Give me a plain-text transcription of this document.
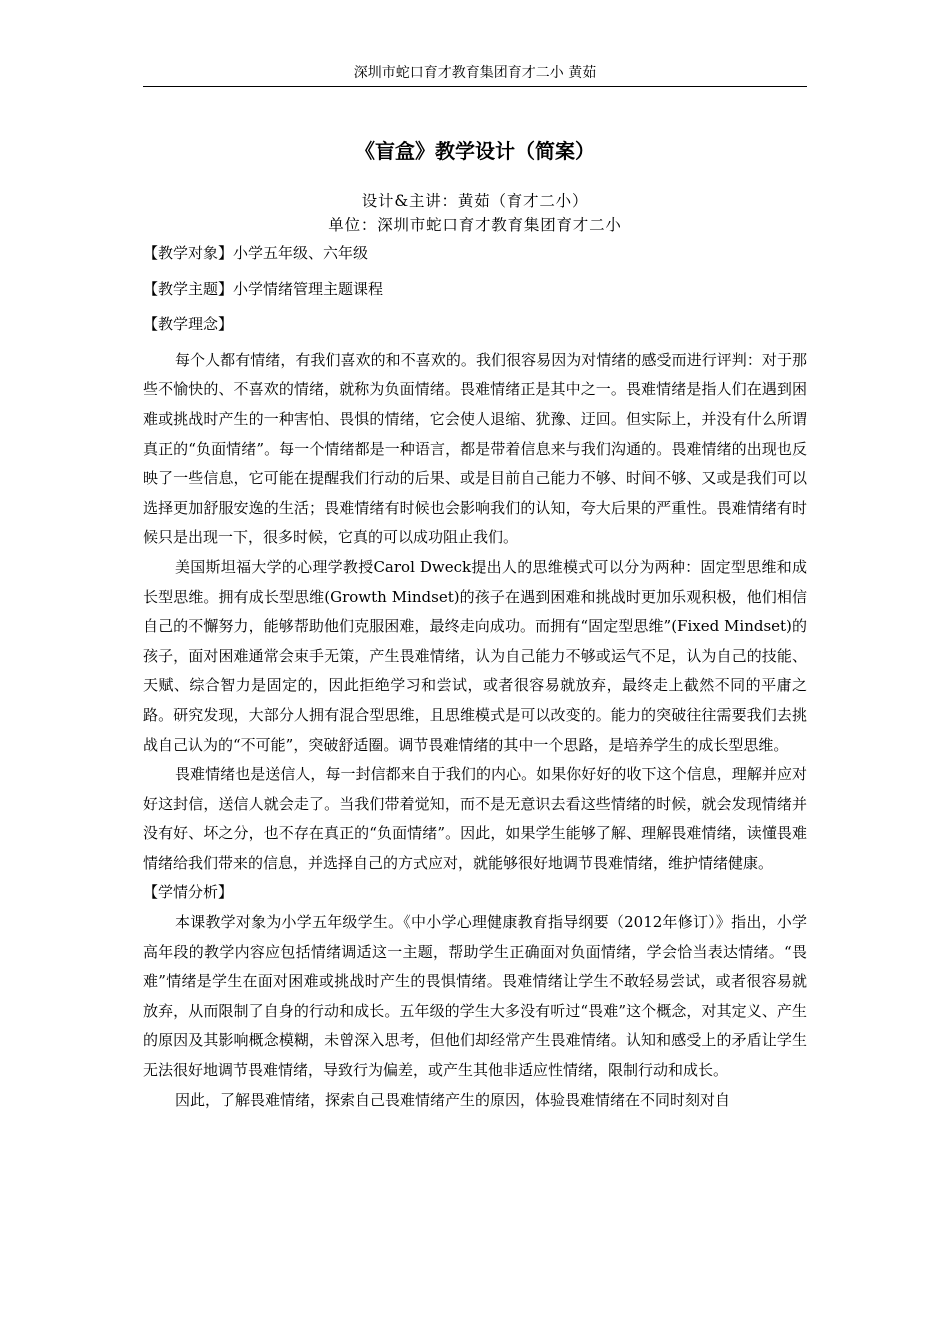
深圳市蛇口育才教育集团育才二小 黄茹
《盲盒》教学设计（简案）
设计&主讲：黄茹（育才二小）
单位：深圳市蛇口育才教育集团育才二小

【教学对象】小学五年级、六年级

【教学主题】小学情绪管理主题课程

【教学理念】

每个人都有情绪，有我们喜欢的和不喜欢的。我们很容易因为对情绪的感受而进行评判：对于那些不愉快的、不喜欢的情绪，就称为负面情绪。畏难情绪正是其中之一。畏难情绪是指人们在遇到困难或挑战时产生的一种害怕、畏惧的情绪，它会使人退缩、犹豫、迂回。但实际上，并没有什么所谓真正的“负面情绪”。每一个情绪都是一种语言，都是带着信息来与我们沟通的。畏难情绪的出现也反映了一些信息，它可能在提醒我们行动的后果、或是目前自己能力不够、时间不够、又或是我们可以选择更加舒服安逸的生活；畏难情绪有时候也会影响我们的认知，夸大后果的严重性。畏难情绪有时候只是出现一下，很多时候，它真的可以成功阻止我们。

美国斯坦福大学的心理学教授Carol Dweck提出人的思维模式可以分为两种：固定型思维和成长型思维。拥有成长型思维(Growth Mindset)的孩子在遇到困难和挑战时更加乐观积极，他们相信自己的不懈努力，能够帮助他们克服困难，最终走向成功。而拥有“固定型思维”(Fixed Mindset)的孩子，面对困难通常会束手无策，产生畏难情绪，认为自己能力不够或运气不足，认为自己的技能、天赋、综合智力是固定的，因此拒绝学习和尝试，或者很容易就放弃，最终走上截然不同的平庸之路。研究发现，大部分人拥有混合型思维，且思维模式是可以改变的。能力的突破往往需要我们去挑战自己认为的“不可能”，突破舒适圈。调节畏难情绪的其中一个思路，是培养学生的成长型思维。

畏难情绪也是送信人，每一封信都来自于我们的内心。如果你好好的收下这个信息，理解并应对好这封信，送信人就会走了。当我们带着觉知，而不是无意识去看这些情绪的时候，就会发现情绪并没有好、坏之分，也不存在真正的“负面情绪”。因此，如果学生能够了解、理解畏难情绪，读懂畏难情绪给我们带来的信息，并选择自己的方式应对，就能够很好地调节畏难情绪，维护情绪健康。

【学情分析】

本课教学对象为小学五年级学生。《中小学心理健康教育指导纲要（2012年修订）》指出，小学高年段的教学内容应包括情绪调适这一主题，帮助学生正确面对负面情绪，学会恰当表达情绪。“畏难”情绪是学生在面对困难或挑战时产生的畏惧情绪。畏难情绪让学生不敢轻易尝试，或者很容易就放弃，从而限制了自身的行动和成长。五年级的学生大多没有听过“畏难”这个概念，对其定义、产生的原因及其影响概念模糊，未曾深入思考，但他们却经常产生畏难情绪。认知和感受上的矛盾让学生无法很好地调节畏难情绪，导致行为偏差，或产生其他非适应性情绪，限制行动和成长。

因此，了解畏难情绪，探索自己畏难情绪产生的原因，体验畏难情绪在不同时刻对自
